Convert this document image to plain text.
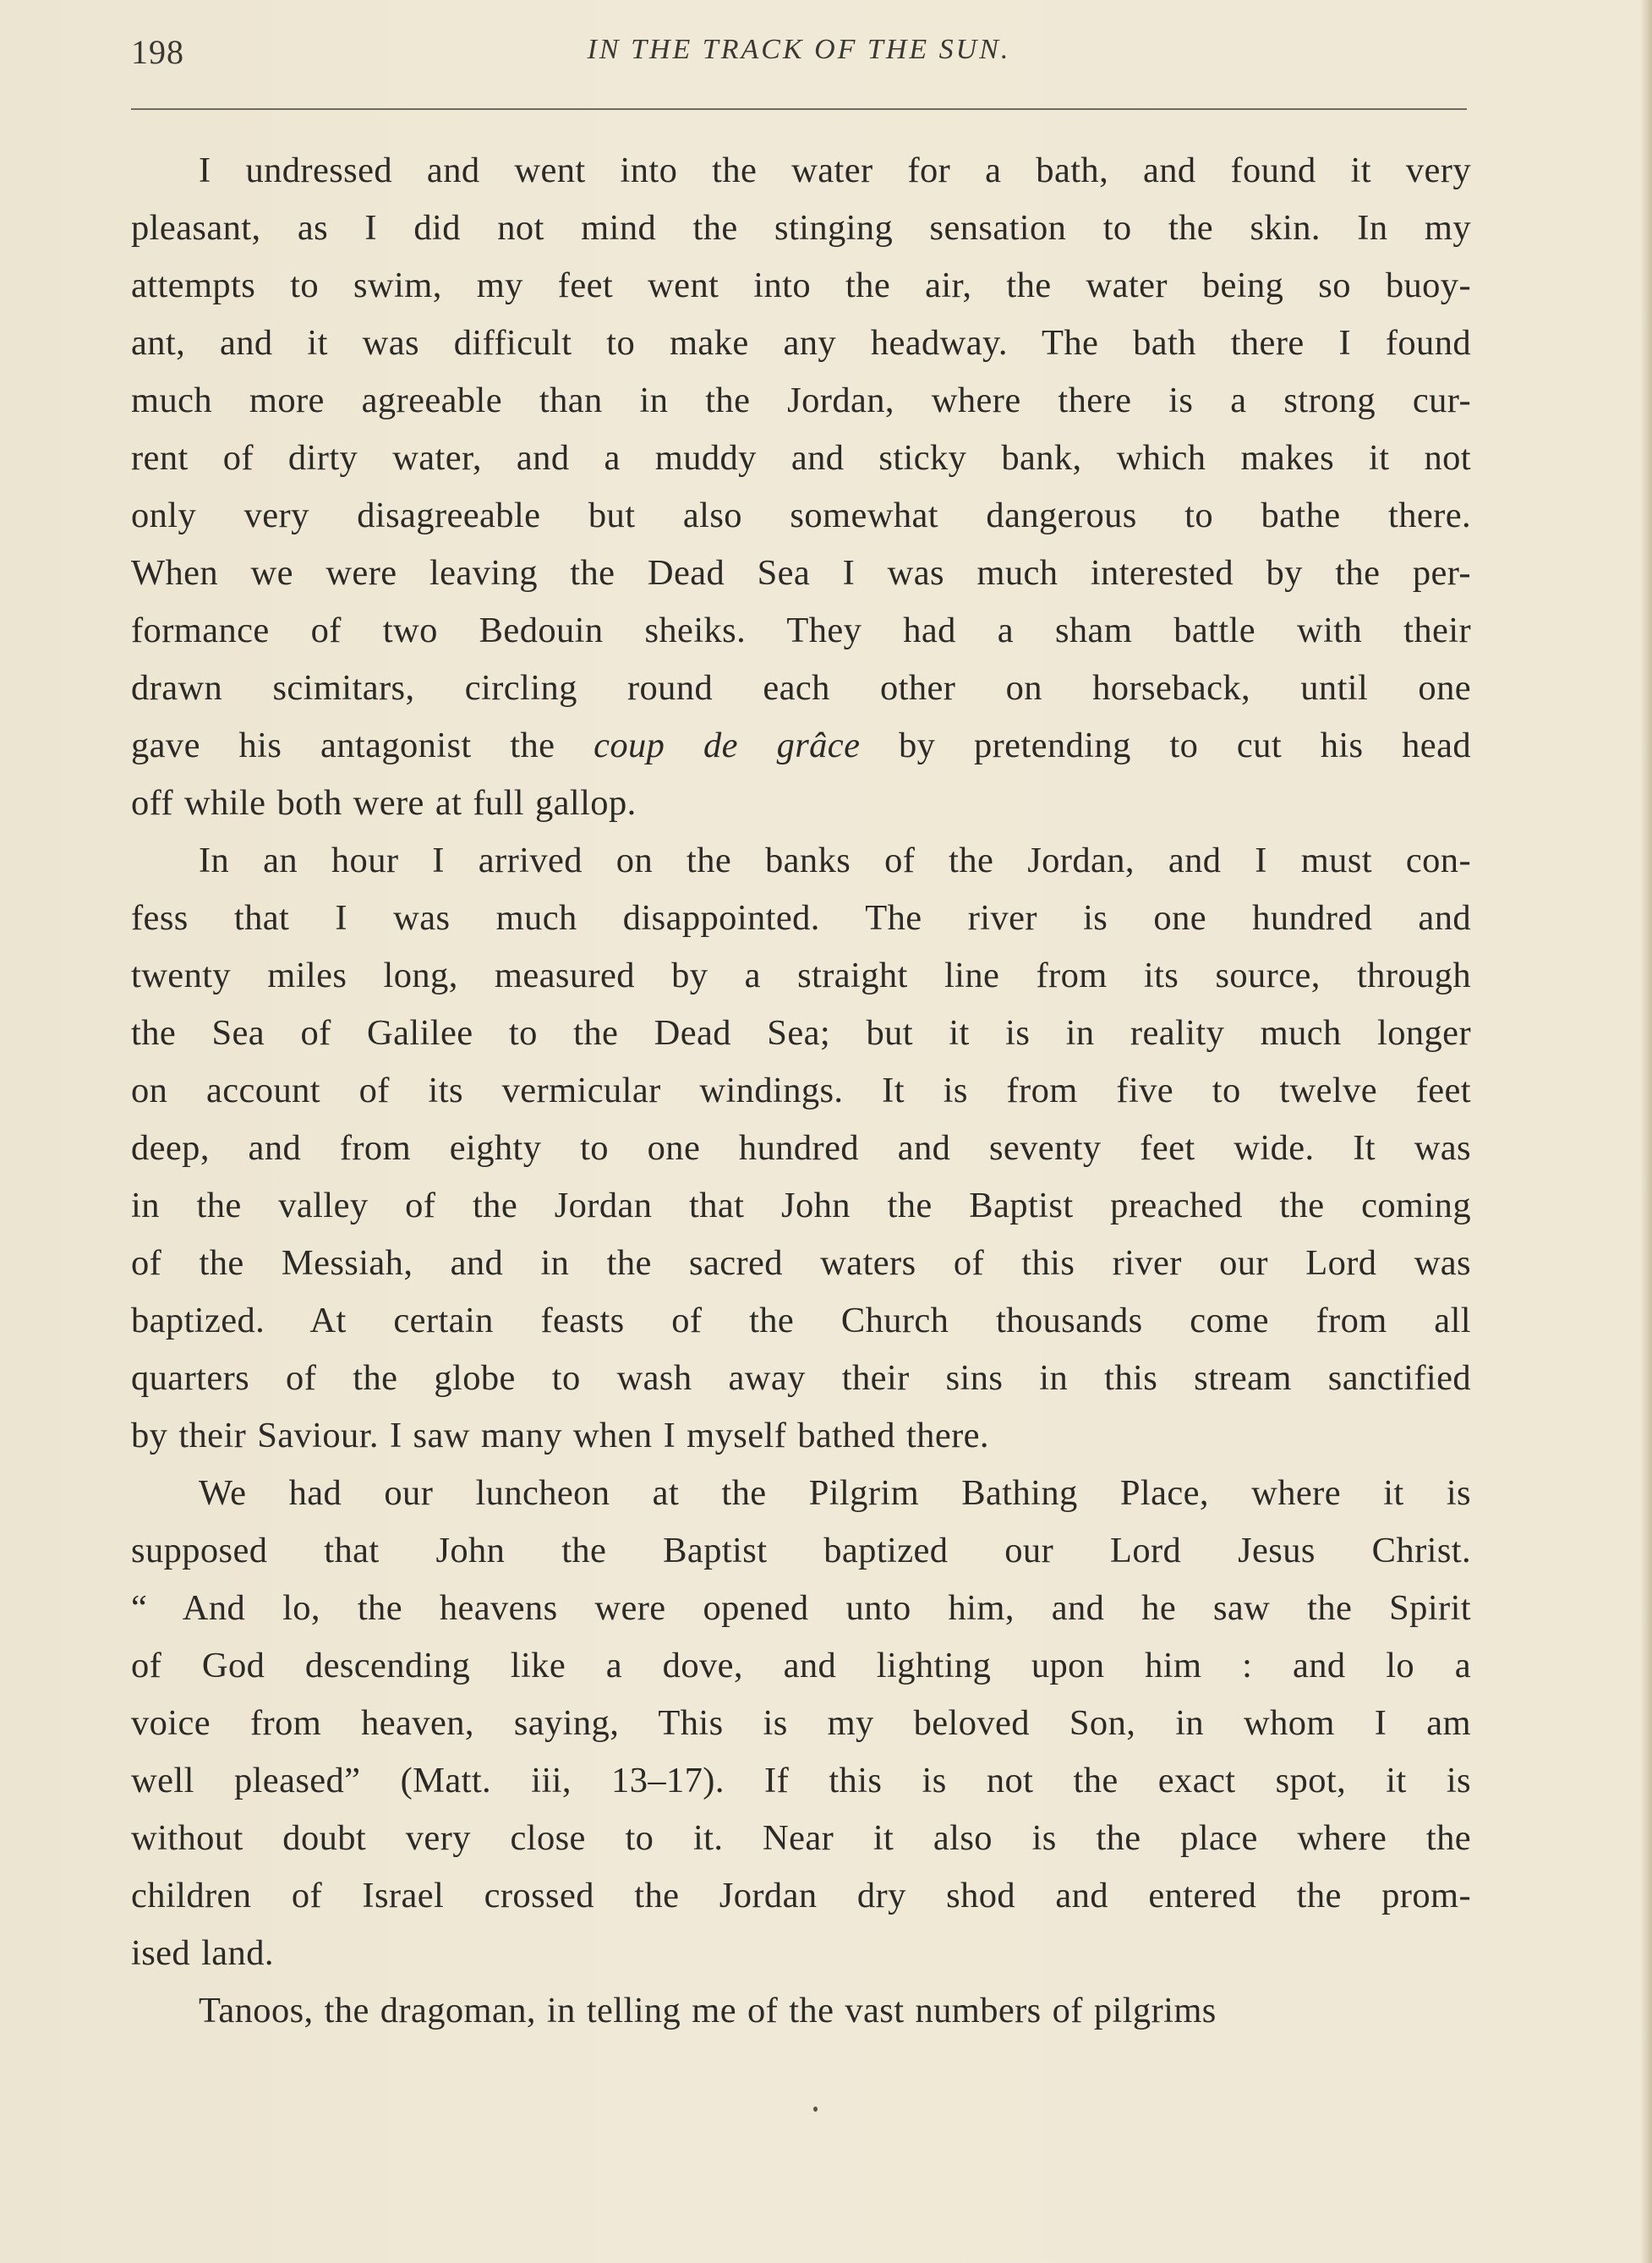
198	IN THE TRACK OF THE SUN.
I undressed and went into the water for a bath, and found it very
pleasant, as I did not mind the stinging sensation to the skin. In my
attempts to swim, my feet went into the air, the water being so buoy-
ant, and it was difficult to make any headway. The bath there I found
much more agreeable than in the Jordan, where there is a strong cur-
rent of dirty water, and a muddy and sticky bank, which makes it not
only very disagreeable but also somewhat dangerous to bathe there.
When we were leaving the Dead Sea I was much interested by the per-
formance of two Bedouin sheiks. They had a sham battle with their
drawn scimitars, circling round each other on horseback, until one
gave his antagonist the coup de grâce by pretending to cut his head
off while both were at full gallop.
In an hour I arrived on the banks of the Jordan, and I must con-
fess that I was much disappointed. The river is one hundred and
twenty miles long, measured by a straight line from its source, through
the Sea of Galilee to the Dead Sea; but it is in reality much longer
on account of its vermicular windings. It is from five to twelve feet
deep, and from eighty to one hundred and seventy feet wide. It was
in the valley of the Jordan that John the Baptist preached the coming
of the Messiah, and in the sacred waters of this river our Lord was
baptized. At certain feasts of the Church thousands come from all
quarters of the globe to wash away their sins in this stream sanctified
by their Saviour. I saw many when I myself bathed there.
We had our luncheon at the Pilgrim Bathing Place, where it is
supposed that John the Baptist baptized our Lord Jesus Christ.
“ And lo, the heavens were opened unto him, and he saw the Spirit
of God descending like a dove, and lighting upon him : and lo a
voice from heaven, saying, This is my beloved Son, in whom I am
well pleased” (Matt. iii, 13–17). If this is not the exact spot, it is
without doubt very close to it. Near it also is the place where the
children of Israel crossed the Jordan dry shod and entered the prom-
ised land.
Tanoos, the dragoman, in telling me of the vast numbers of pilgrims
